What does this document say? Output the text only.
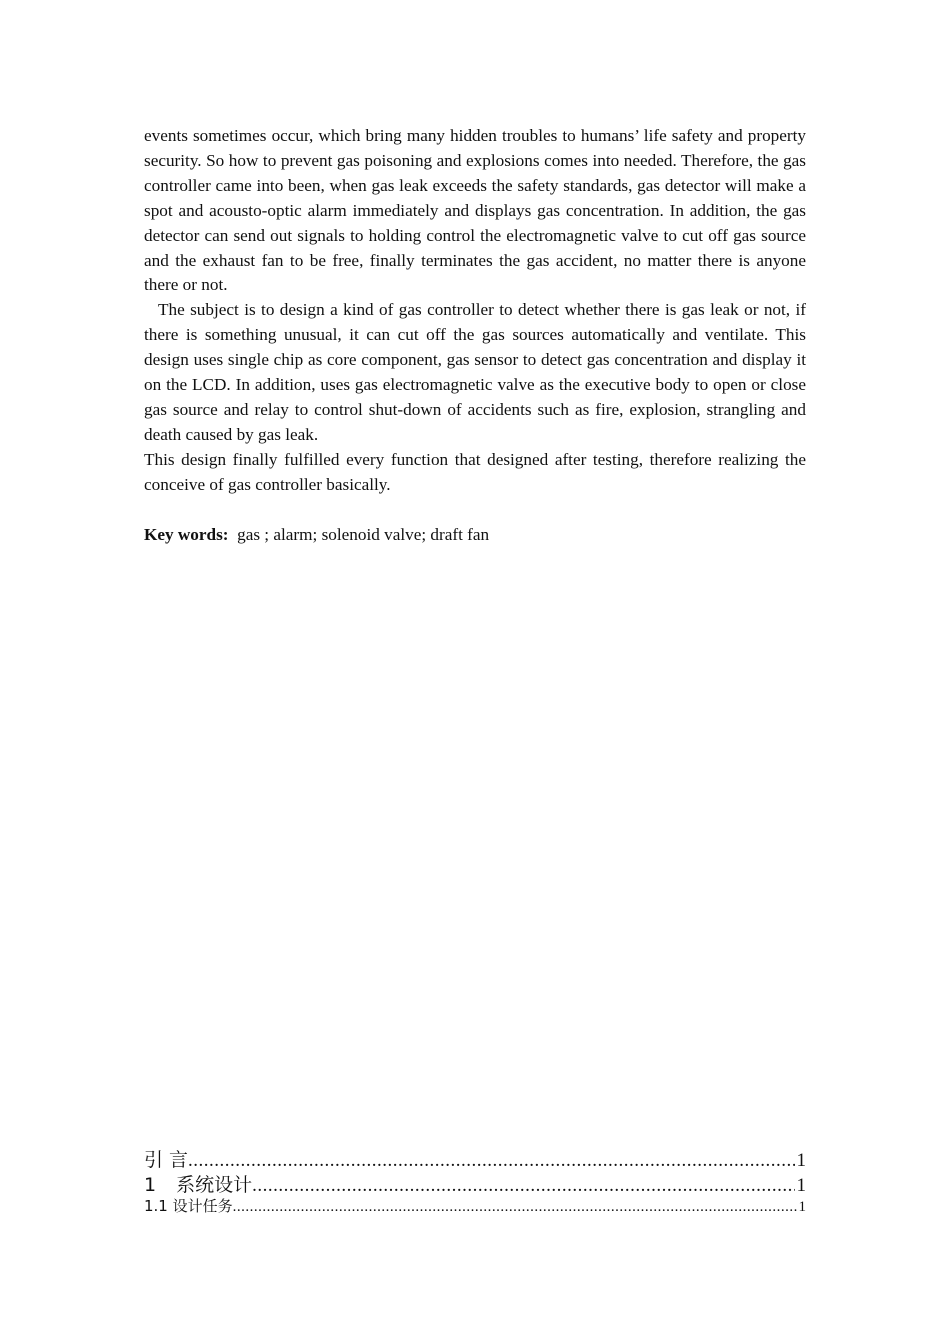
events sometimes occur, which bring many hidden troubles to humans’ life safety and property security. So how to prevent gas poisoning and explosions comes into needed. Therefore, the gas controller came into been, when gas leak exceeds the safety standards, gas detector will make a spot and acousto-optic alarm immediately and displays gas concentration. In addition, the gas detector can send out signals to holding control the electromagnetic valve to cut off gas source and the exhaust fan to be free, finally terminates the gas accident, no matter there is anyone there or not.

The subject is to design a kind of gas controller to detect whether there is gas leak or not, if there is something unusual, it can cut off the gas sources automatically and ventilate. This design uses single chip as core component, gas sensor to detect gas concentration and display it on the LCD. In addition, uses gas electromagnetic valve as the executive body to open or close gas source and relay to control shut-down of accidents such as fire, explosion, strangling and death caused by gas leak.

This design finally fulfilled every function that designed after testing, therefore realizing the conceive of gas controller basically.

Key words: gas ; alarm; solenoid valve; draft fan
引 言 .....	1
1 系统设计 .....	1
1.1 设计任务 .....	1
